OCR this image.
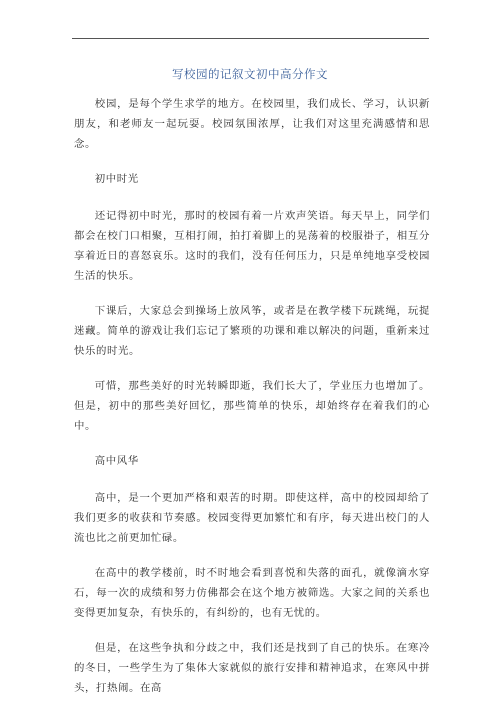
写校园的记叙文初中高分作文

校园，是每个学生求学的地方。在校园里，我们成长、学习，认识新朋友，和老师友一起玩耍。校园氛围浓厚，让我们对这里充满感情和思念。

初中时光

还记得初中时光，那时的校园有着一片欢声笑语。每天早上，同学们都会在校门口相聚，互相打闹，拍打着脚上的晃荡着的校服褂子，相互分享着近日的喜怒哀乐。这时的我们，没有任何压力，只是单纯地享受校园生活的快乐。

下课后，大家总会到操场上放风筝，或者是在教学楼下玩跳绳，玩捉迷藏。简单的游戏让我们忘记了繁琐的功课和难以解决的问题，重新来过快乐的时光。

可惜，那些美好的时光转瞬即逝，我们长大了，学业压力也增加了。但是，初中的那些美好回忆，那些简单的快乐，却始终存在着我们的心中。

高中风华

高中，是一个更加严格和艰苦的时期。即使这样，高中的校园却给了我们更多的收获和节奏感。校园变得更加繁忙和有序，每天进出校门的人流也比之前更加忙碌。

在高中的教学楼前，时不时地会看到喜悦和失落的面孔，就像滴水穿石，每一次的成绩和努力仿佛都会在这个地方被筛选。大家之间的关系也变得更加复杂，有快乐的，有纠纷的，也有无忧的。

但是，在这些争执和分歧之中，我们还是找到了自己的快乐。在寒冷的冬日，一些学生为了集体大家就似的旅行安排和精神追求，在寒风中拼头，打热闹。在高
